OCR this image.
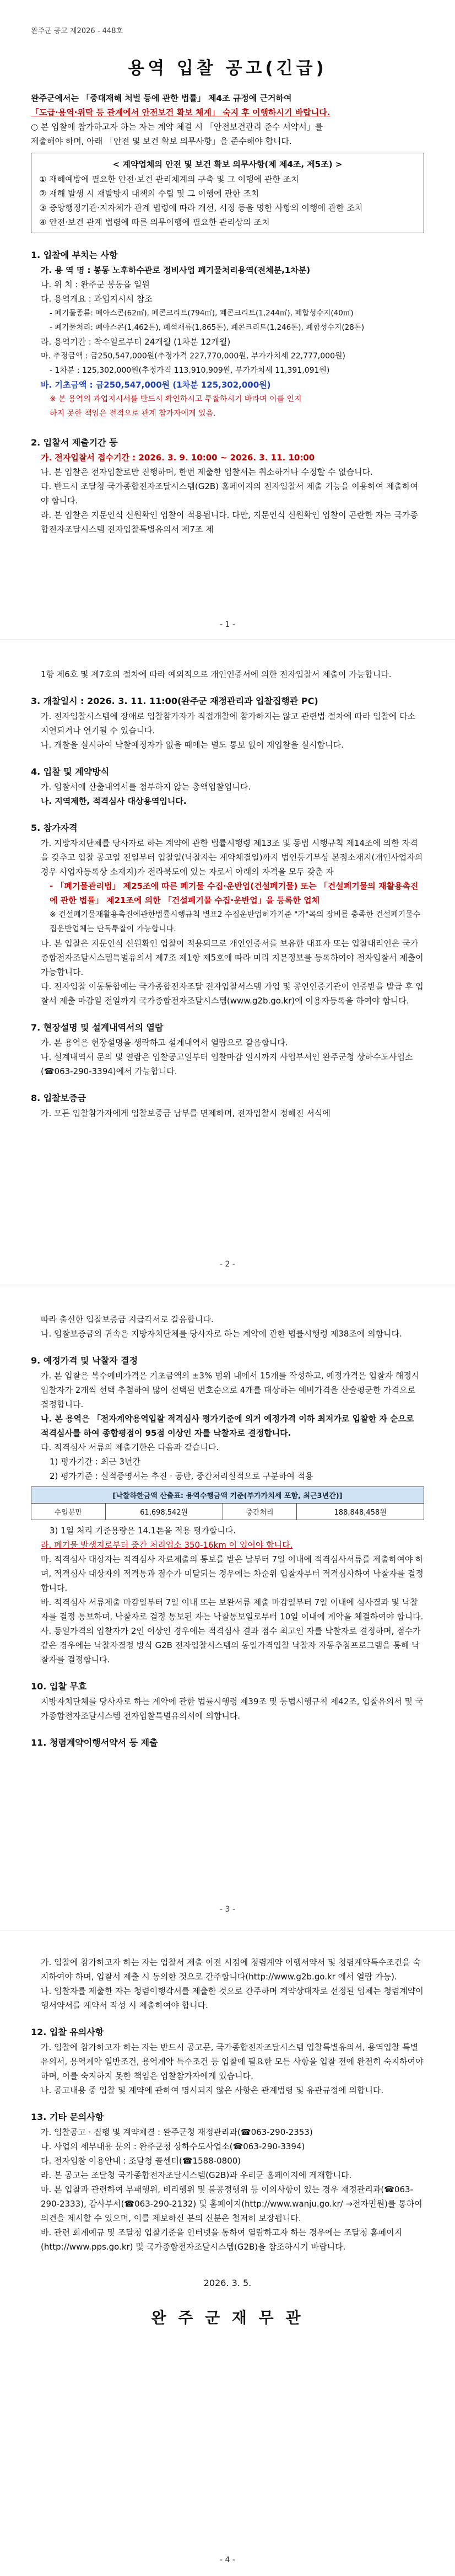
완주군 공고 제2026 - 448호

용역 입찰 공고(긴급)

완주군에서는 「중대재해 처벌 등에 관한 법률」 제4조 규정에 근거하여

「도급·용역·위탁 등 관계에서 안전보건 확보 체계」 숙지 후 이행하시기 바랍니다.

○ 본 입찰에 참가하고자 하는 자는 계약 체결 시 「안전보건관리 준수 서약서」를

제출해야 하며, 아래 「안전 및 보건 확보 의무사항」을 준수해야 합니다.

< 계약업체의 안전 및 보건 확보 의무사항(제 제4조, 제5조) >

① 재해예방에 필요한 안전·보건 관리체계의 구축 및 그 이행에 관한 조치

② 재해 발생 시 재발방지 대책의 수립 및 그 이행에 관한 조치

③ 중앙행정기관·지자체가 관계 법령에 따라 개선, 시정 등을 명한 사항의 이행에 관한 조치

④ 안전·보건 관계 법령에 따른 의무이행에 필요한 관리상의 조치

1. 입찰에 부치는 사항

가. 용 역 명 : 봉동 노후하수관로 정비사업 폐기물처리용역(전체분,1차분)

나. 위 치 : 완주군 봉동읍 일원

다. 용역개요 : 과업지시서 참조

- 폐기물종류: 폐아스콘(62㎥), 폐콘크리트(794㎥), 폐콘크리트(1,244㎥), 폐합성수지(40㎥)

- 폐기물처리: 폐아스콘(1,462톤), 폐석재류(1,865톤), 폐콘크리트(1,246톤), 폐합성수지(28톤)

라. 용역기간 : 착수일로부터 24개월 (1차분 12개월)

마. 추정금액 : 금250,547,000원(추정가격 227,770,000원, 부가가치세 22,777,000원)

- 1차분 : 125,302,000원(추정가격 113,910,909원, 부가가치세 11,391,091원)

바. 기초금액 : 금250,547,000원 (1차분 125,302,000원)

※ 본 용역의 과업지시서를 반드시 확인하시고 투찰하시기 바라며 이를 인지

하지 못한 책임은 전적으로 관계 참가자에게 있음.

2. 입찰서 제출기간 등

가. 전자입찰서 접수기간 : 2026. 3. 9. 10:00 ~ 2026. 3. 11. 10:00

나. 본 입찰은 전자입찰로만 진행하며, 한번 제출한 입찰서는 취소하거나 수정할 수 없습니다.

다. 반드시 조달청 국가종합전자조달시스템(G2B) 홈페이지의 전자입찰서 제출 기능을 이용하여 제출하여야 합니다.

라. 본 입찰은 지문인식 신원확인 입찰이 적용됩니다. 다만, 지문인식 신원확인 입찰이 곤란한 자는 국가종합전자조달시스템 전자입찰특별유의서 제7조 제

- 1 -

1항 제6호 및 제7호의 절차에 따라 예외적으로 개인인증서에 의한 전자입찰서 제출이 가능합니다.

3. 개찰일시 : 2026. 3. 11. 11:00(완주군 재정관리과 입찰집행관 PC)

가. 전자입찰시스템에 장애로 입찰참가자가 직접개찰에 참가하지는 않고 관련법 절차에 따라 입찰에 다소 지연되거나 연기될 수 있습니다.

나. 개찰을 실시하여 낙찰예정자가 없을 때에는 별도 통보 없이 재입찰을 실시합니다.

4. 입찰 및 계약방식

가. 입찰서에 산출내역서를 첨부하지 않는 총액입찰입니다.

나. 지역제한, 적격심사 대상용역입니다.

5. 참가자격

가. 지방자치단체를 당사자로 하는 계약에 관한 법률시행령 제13조 및 동법 시행규칙 제14조에 의한 자격을 갖추고 입찰 공고일 전일부터 입찰일(낙찰자는 계약체결일)까지 법인등기부상 본점소재지(개인사업자의 경우 사업자등록상 소재지)가 전라북도에 있는 자로서 아래의 자격을 모두 갖춘 자

- 「폐기물관리법」 제25조에 따른 폐기물 수집·운반업(건설폐기물) 또는 「건설폐기물의 재활용촉진에 관한 법률」 제21조에 의한 「건설폐기물 수집·운반업」을 등록한 업체

※ 건설폐기물재활용촉진에관한법률시행규칙 별표2 수집운반업허가기준 "가"목의 장비를 충족한 건설폐기물수집운반업체는 단독투찰이 가능합니다.

나. 본 입찰은 지문인식 신원확인 입찰이 적용되므로 개인인증서를 보유한 대표자 또는 입찰대리인은 국가종합전자조달시스템특별유의서 제7조 제1항 제5호에 따라 미리 지문정보를 등록하여야 전자입찰서 제출이 가능합니다.

다. 전자입찰 이동통합예는 국가종합전자조달 전자입찰서스템 가입 및 공인인증기관이 인증받을 발급 후 입찰서 제출 마감일 전일까지 국가종합전자조달시스템(www.g2b.go.kr)에 이용자등록을 하여야 합니다.

7. 현장설명 및 설계내역서의 열람

가. 본 용역은 현장설명을 생략하고 설계내역서 열람으로 갈음합니다.

나. 설계내역서 문의 및 열람은 입찰공고일부터 입찰마감 일시까지 사업부서인 완주군청 상하수도사업소(☎063-290-3394)에서 가능합니다.

8. 입찰보증금

가. 모든 입찰참가자에게 입찰보증금 납부를 면제하며, 전자입찰시 정해진 서식에

- 2 -

따라 출신한 입찰보증금 지급각서로 갈음합니다.

나. 입찰보증금의 귀속은 지방자치단체를 당사자로 하는 계약에 관한 법률시행령 제38조에 의합니다.

9. 예정가격 및 낙찰자 결정

가. 본 입찰은 복수예비가격은 기초금액의 ±3% 범위 내에서 15개를 작성하고, 예정가격은 입찰자 해정시 입찰자가 2개씩 선택 추첨하여 많이 선택된 번호순으로 4개를 대상하는 예비가격을 산술평균한 가격으로 결정합니다.

나. 본 용역은 「전자계약용역입찰 적격심사 평가기준에 의거 예정가격 이하 최저가로 입찰한 자 순으로 적격심사를 하여 종합평점이 95점 이상인 자를 낙찰자로 결정합니다.

다. 적격심사 서류의 제출기한은 다음과 같습니다.

1) 평가기간 : 최근 3년간

2) 평가기준 : 실적증명서는 추진 · 공반, 중간처리실적으로 구분하여 적용

[낙찰하한금액 산출표: 용역수행금액 기준(부가가치세 포함, 최근3년간)]
수입분만	61,698,542원	중간처리	188,848,458원

3) 1일 처리 기준용량은 14.1톤을 적용 평가합니다.

라. 폐기물 발생지로부터 중간 처리업소 350-16km 이 있어야 합니다.

마. 적격심사 대상자는 적격심사 자료제출의 통보를 받은 날부터 7일 이내에 적격심사서류를 제출하여야 하며, 적격심사 대상자의 적격통과 점수가 미달되는 경우에는 차순위 입찰자부터 적격심사하여 낙찰자를 결정합니다.

바. 적격심사 서류제출 마감일부터 7일 이내 또는 보완서류 제출 마감일부터 7일 이내에 심사결과 및 낙찰자를 결정 통보하며, 낙찰자로 결정 통보된 자는 낙찰통보일로부터 10일 이내에 계약을 체결하여야 합니다.

사. 동일가격의 입찰자가 2인 이상인 경우에는 적격심사 결과 점수 최고인 자를 낙찰자로 결정하며, 점수가 같은 경우에는 낙찰자결정 방식 G2B 전자입찰시스템의 동일가격입찰 낙찰자 자동추첨프로그램을 통해 낙찰자를 결정합니다.

10. 입찰 무효

지방자치단체를 당사자로 하는 계약에 관한 법률시행령 제39조 및 동법시행규칙 제42조, 입찰유의서 및 국가종합전자조달시스템 전자입찰특별유의서에 의합니다.

11. 청렴계약이행서약서 등 제출

- 3 -

가. 입찰에 참가하고자 하는 자는 입찰서 제출 이전 시점에 청렴계약 이행서약서 및 청렴계약특수조건을 숙지하여야 하며, 입찰서 제출 시 동의한 것으로 간주합니다(http://www.g2b.go.kr 에서 열람 가능).

나. 입찰자를 제출한 자는 청렴이행각서를 제출한 것으로 간주하며 계약상대자로 선정된 업체는 청렴계약이행서약서를 계약서 작성 시 제출하여야 합니다.

12. 입찰 유의사항

가. 입찰에 참가하고자 하는 자는 반드시 공고문, 국가종합전자조달시스템 입찰특별유의서, 용역입찰 특별유의서, 용역계약 일반조건, 용역계약 특수조건 등 입찰에 필요한 모든 사항을 입찰 전에 완전히 숙지하여야 하며, 이를 숙지하지 못한 책임은 입찰참가자에게 있습니다.

나. 공고내용 중 입찰 및 계약에 관하여 명시되지 않은 사항은 관계법령 및 유관규정에 의합니다.

13. 기타 문의사항

가. 입찰공고 · 집행 및 계약체결 : 완주군청 재정관리과(☎063-290-2353)

나. 사업의 세부내용 문의 : 완주군청 상하수도사업소(☎063-290-3394)

다. 전자입찰 이용안내 : 조달청 콜센터(☎1588-0800)

라. 본 공고는 조달청 국가종합전자조달시스템(G2B)과 우리군 홈페이지에 게재합니다.

마. 본 입찰과 관련하여 부패행위, 비리행위 및 불공정행위 등 이의사항이 있는 경우 재정관리과(☎063-290-2333), 감사부서(☎063-290-2132) 및 홈페이지(http://www.wanju.go.kr/ →전자민원)를 통하여 의견을 제시할 수 있으며, 이를 제보하신 분의 신분은 철저히 보장됩니다.

바. 관련 회계예규 및 조달청 입찰기준을 인터넷을 통하여 열람하고자 하는 경우에는 조달청 홈페이지(http://www.pps.go.kr) 및 국가종합전자조달시스템(G2B)을 참조하시기 바랍니다.

2026. 3. 5.

완 주 군 재 무 관

- 4 -
